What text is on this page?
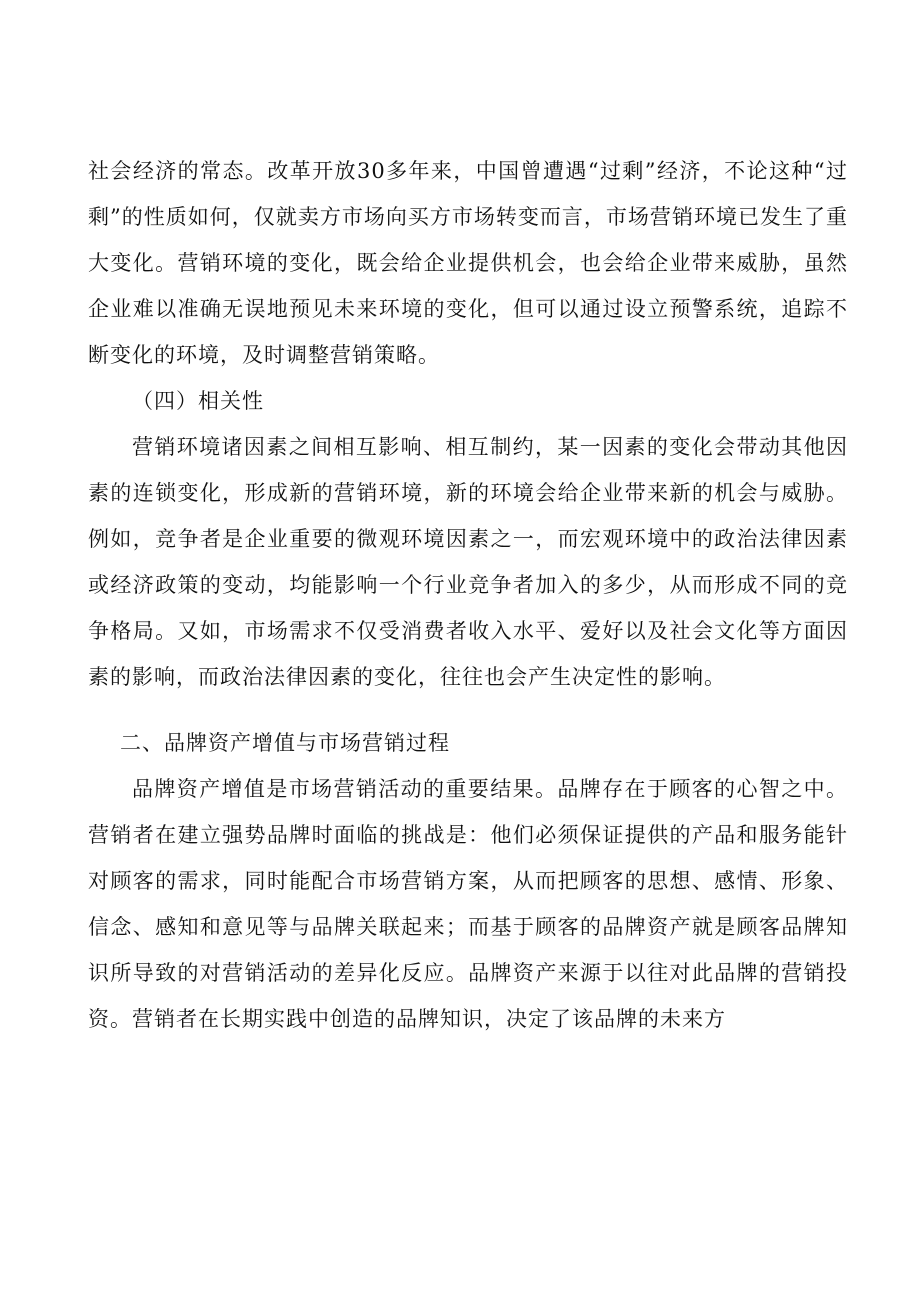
社会经济的常态。改革开放30多年来，中国曾遭遇“过剩”经济，不论这种“过剩”的性质如何，仅就卖方市场向买方市场转变而言，市场营销环境已发生了重大变化。营销环境的变化，既会给企业提供机会，也会给企业带来威胁，虽然企业难以准确无误地预见未来环境的变化，但可以通过设立预警系统，追踪不断变化的环境，及时调整营销策略。

（四）相关性

营销环境诸因素之间相互影响、相互制约，某一因素的变化会带动其他因素的连锁变化，形成新的营销环境，新的环境会给企业带来新的机会与威胁。例如，竞争者是企业重要的微观环境因素之一，而宏观环境中的政治法律因素或经济政策的变动，均能影响一个行业竞争者加入的多少，从而形成不同的竞争格局。又如，市场需求不仅受消费者收入水平、爱好以及社会文化等方面因素的影响，而政治法律因素的变化，往往也会产生决定性的影响。

二、品牌资产增值与市场营销过程

品牌资产增值是市场营销活动的重要结果。品牌存在于顾客的心智之中。营销者在建立强势品牌时面临的挑战是：他们必须保证提供的产品和服务能针对顾客的需求，同时能配合市场营销方案，从而把顾客的思想、感情、形象、信念、感知和意见等与品牌关联起来；而基于顾客的品牌资产就是顾客品牌知识所导致的对营销活动的差异化反应。品牌资产来源于以往对此品牌的营销投资。营销者在长期实践中创造的品牌知识，决定了该品牌的未来方
